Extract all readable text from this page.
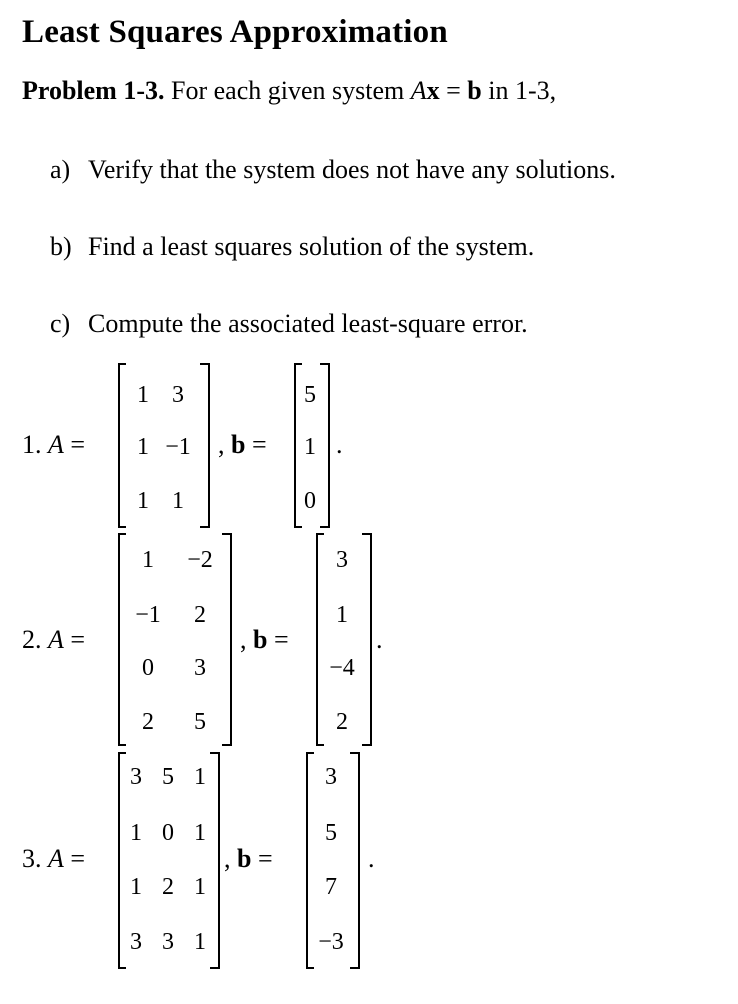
Least Squares Approximation
Problem 1-3. For each given system Ax = b in 1-3,
a) Verify that the system does not have any solutions.
b) Find a least squares solution of the system.
c) Compute the associated least-square error.
1. A =
1 3
1 −1
1 1
, b =
5
1
0
.
2. A =
1	−2
−1	2
0	3
2	5
, b =
3
1
−4
2
.
3. A =
3 5 1
1 0 1
1 2 1
3 3 1
, b =
3
5
7
−3
.
